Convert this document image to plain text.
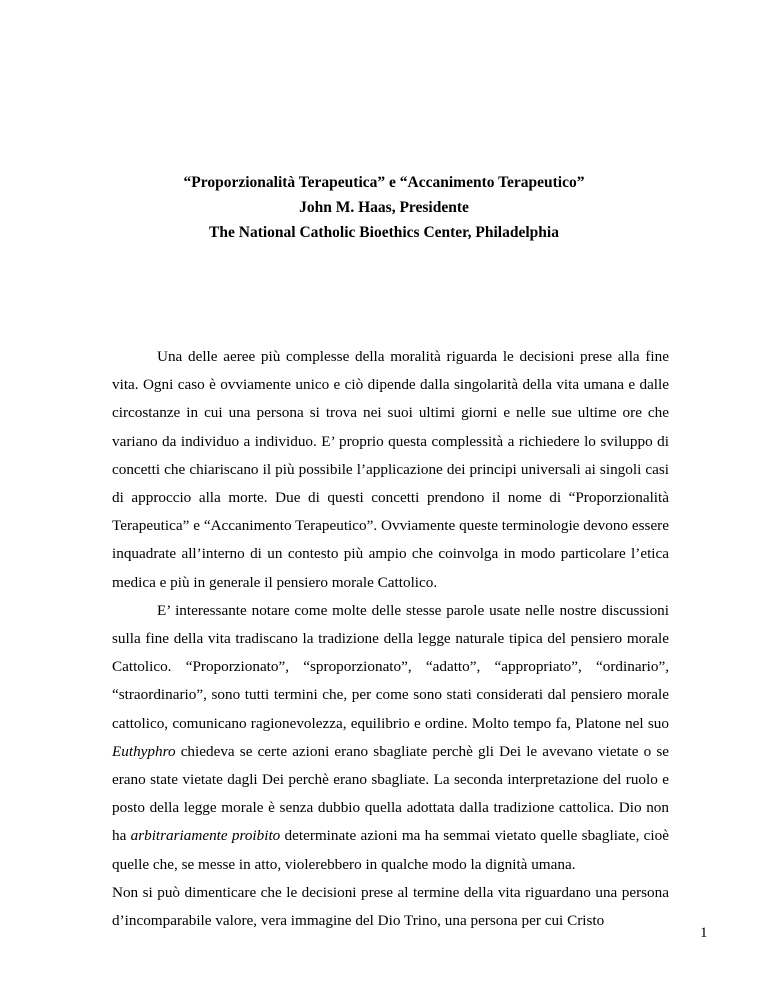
“Proporzionalità Terapeutica” e “Accanimento Terapeutico”
John M. Haas, Presidente
The National Catholic Bioethics Center, Philadelphia

Una delle aeree più complesse della moralità riguarda le decisioni prese alla fine vita. Ogni caso è ovviamente unico e ciò dipende dalla singolarità della vita umana e dalle circostanze in cui una persona si trova nei suoi ultimi giorni e nelle sue ultime ore che variano da individuo a individuo. E’ proprio questa complessità a richiedere lo sviluppo di concetti che chiariscano il più possibile l’applicazione dei principi universali ai singoli casi di approccio alla morte. Due di questi concetti prendono il nome di “Proporzionalità Terapeutica” e “Accanimento Terapeutico”. Ovviamente queste terminologie devono essere inquadrate all’interno di un contesto più ampio che coinvolga in modo particolare l’etica medica e più in generale il pensiero morale Cattolico.

E’ interessante notare come molte delle stesse parole usate nelle nostre discussioni sulla fine della vita tradiscano la tradizione della legge naturale tipica del pensiero morale Cattolico. “Proporzionato”, “sproporzionato”, “adatto”, “appropriato”, “ordinario”, “straordinario”, sono tutti termini che, per come sono stati considerati dal pensiero morale cattolico, comunicano ragionevolezza, equilibrio e ordine. Molto tempo fa, Platone nel suo Euthyphro chiedeva se certe azioni erano sbagliate perchè gli Dei le avevano vietate o se erano state vietate dagli Dei perchè erano sbagliate. La seconda interpretazione del ruolo e posto della legge morale è senza dubbio quella adottata dalla tradizione cattolica. Dio non ha arbitrariamente proibito determinate azioni ma ha semmai vietato quelle sbagliate, cioè quelle che, se messe in atto, violerebbero in qualche modo la dignità umana.

Non si può dimenticare che le decisioni prese al termine della vita riguardano una persona d’incomparabile valore, vera immagine del Dio Trino, una persona per cui Cristo

1
